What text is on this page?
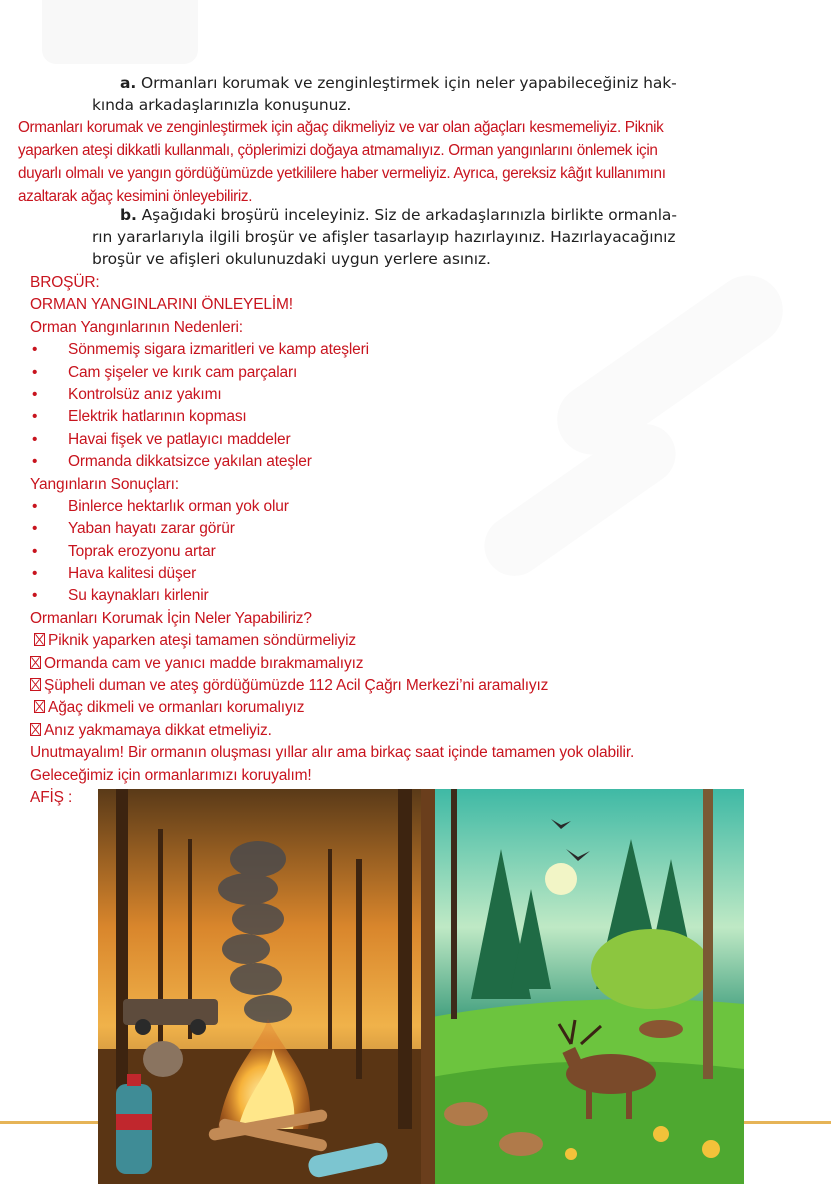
a. Ormanları korumak ve zenginleştirmek için neler yapabileceğiniz hak-
kında arkadaşlarınızla konuşunuz.
Ormanları korumak ve zenginleştirmek için ağaç dikmeliyiz ve var olan ağaçları kesmemeliyiz. Piknik
yaparken ateşi dikkatli kullanmalı, çöplerimizi doğaya atmamalıyız. Orman yangınlarını önlemek için
duyarlı olmalı ve yangın gördüğümüzde yetkililere haber vermeliyiz. Ayrıca, gereksiz kâğıt kullanımını
azaltarak ağaç kesimini önleyebiliriz.
b. Aşağıdaki broşürü inceleyiniz. Siz de arkadaşlarınızla birlikte ormanla-
rın yararlarıyla ilgili broşür ve afişler tasarlayıp hazırlayınız. Hazırlayacağınız
broşür ve afişleri okulunuzdaki uygun yerlere asınız.
BROŞÜR:
ORMAN YANGINLARINI ÖNLEYELİM!
Orman Yangınlarının Nedenleri:
• Sönmemiş sigara izmaritleri ve kamp ateşleri
• Cam şişeler ve kırık cam parçaları
• Kontrolsüz anız yakımı
• Elektrik hatlarının kopması
• Havai fişek ve patlayıcı maddeler
• Ormanda dikkatsizce yakılan ateşler
Yangınların Sonuçları:
• Binlerce hektarlık orman yok olur
• Yaban hayatı zarar görür
• Toprak erozyonu artar
• Hava kalitesi düşer
• Su kaynakları kirlenir
Ormanları Korumak İçin Neler Yapabiliriz?
Piknik yaparken ateşi tamamen söndürmeliyiz
Ormanda cam ve yanıcı madde bırakmamalıyız
Şüpheli duman ve ateş gördüğümüzde 112 Acil Çağrı Merkezi’ni aramalıyız
Ağaç dikmeli ve ormanları korumalıyız
Anız yakmamaya dikkat etmeliyiz.
Unutmayalım! Bir ormanın oluşması yıllar alır ama birkaç saat içinde tamamen yok olabilir.
Geleceğimiz için ormanlarımızı koruyalım!
AFİŞ :
